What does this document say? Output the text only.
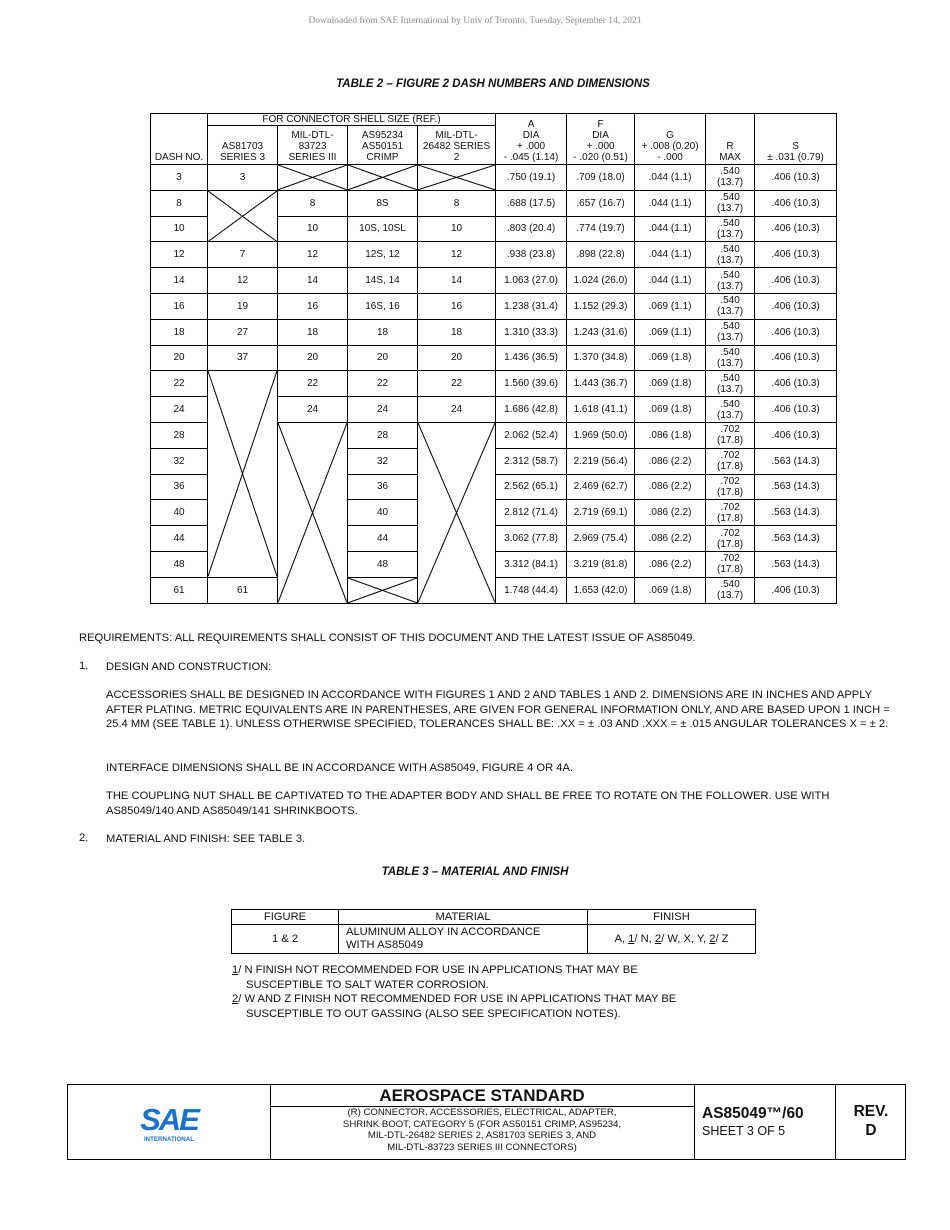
Downloaded from SAE International by Univ of Toronto, Tuesday, September 14, 2021
TABLE 2 – FIGURE 2 DASH NUMBERS AND DIMENSIONS
	FOR CONNECTOR SHELL SIZE (REF.)				A
DIA
+ .000
- .045 (1.14)	F
DIA
+ .000
- .020 (0.51)	G
+ .008 (0.20)
- .000	R
MAX	S
± .031 (0.79)
DASH NO.	AS81703
SERIES 3	MIL-DTL-
83723
SERIES III	AS95234
AS50151
CRIMP	MIL-DTL-
26482 SERIES
2					
3	3				.750 (19.1)	.709 (18.0)	.044 (1.1)	.540
(13.7)	.406 (10.3)
8		8	8S	8	.688 (17.5)	.657 (16.7)	.044 (1.1)	.540
(13.7)	.406 (10.3)
10		10	10S, 10SL	10	.803 (20.4)	.774 (19.7)	.044 (1.1)	.540
(13.7)	.406 (10.3)
12	7	12	12S, 12	12	.938 (23.8)	.898 (22.8)	.044 (1.1)	.540
(13.7)	.406 (10.3)
14	12	14	14S, 14	14	1.063 (27.0)	1.024 (26.0)	.044 (1.1)	.540
(13.7)	.406 (10.3)
16	19	16	16S, 16	16	1.238 (31.4)	1.152 (29.3)	.069 (1.1)	.540
(13.7)	.406 (10.3)
18	27	18	18	18	1.310 (33.3)	1.243 (31.6)	.069 (1.1)	.540
(13.7)	.406 (10.3)
20	37	20	20	20	1.436 (36.5)	1.370 (34.8)	.069 (1.8)	.540
(13.7)	.406 (10.3)
22		22	22	22	1.560 (39.6)	1.443 (36.7)	.069 (1.8)	.540
(13.7)	.406 (10.3)
24		24	24	24	1.686 (42.8)	1.618 (41.1)	.069 (1.8)	.540
(13.7)	.406 (10.3)
28			28		2.062 (52.4)	1.969 (50.0)	.086 (1.8)	.702
(17.8)	.406 (10.3)
32			32		2.312 (58.7)	2.219 (56.4)	.086 (2.2)	.702
(17.8)	.563 (14.3)
36			36		2.562 (65.1)	2.469 (62.7)	.086 (2.2)	.702
(17.8)	.563 (14.3)
40			40		2.812 (71.4)	2.719 (69.1)	.086 (2.2)	.702
(17.8)	.563 (14.3)
44			44		3.062 (77.8)	2.969 (75.4)	.086 (2.2)	.702
(17.8)	.563 (14.3)
48			48		3.312 (84.1)	3.219 (81.8)	.086 (2.2)	.702
(17.8)	.563 (14.3)
61	61				1.748 (44.4)	1.653 (42.0)	.069 (1.8)	.540
(13.7)	.406 (10.3)
REQUIREMENTS: ALL REQUIREMENTS SHALL CONSIST OF THIS DOCUMENT AND THE LATEST ISSUE OF AS85049.
1. DESIGN AND CONSTRUCTION:
ACCESSORIES SHALL BE DESIGNED IN ACCORDANCE WITH FIGURES 1 AND 2 AND TABLES 1 AND 2. DIMENSIONS ARE IN INCHES AND APPLY AFTER PLATING. METRIC EQUIVALENTS ARE IN PARENTHESES, ARE GIVEN FOR GENERAL INFORMATION ONLY, AND ARE BASED UPON 1 INCH = 25.4 MM (SEE TABLE 1). UNLESS OTHERWISE SPECIFIED, TOLERANCES SHALL BE: .XX = ± .03 AND .XXX = ± .015 ANGULAR TOLERANCES X = ± 2.
INTERFACE DIMENSIONS SHALL BE IN ACCORDANCE WITH AS85049, FIGURE 4 OR 4A.
THE COUPLING NUT SHALL BE CAPTIVATED TO THE ADAPTER BODY AND SHALL BE FREE TO ROTATE ON THE FOLLOWER. USE WITH AS85049/140 AND AS85049/141 SHRINKBOOTS.
2. MATERIAL AND FINISH: SEE TABLE 3.
TABLE 3 – MATERIAL AND FINISH
FIGURE	MATERIAL	FINISH
1 & 2	ALUMINUM ALLOY IN ACCORDANCE
WITH AS85049	A, 1/ N, 2/ W, X, Y, 2/ Z
1/ N FINISH NOT RECOMMENDED FOR USE IN APPLICATIONS THAT MAY BE
SUSCEPTIBLE TO SALT WATER CORROSION.
2/ W AND Z FINISH NOT RECOMMENDED FOR USE IN APPLICATIONS THAT MAY BE
SUSCEPTIBLE TO OUT GASSING (ALSO SEE SPECIFICATION NOTES).
SAE
INTERNATIONAL
AEROSPACE STANDARD
(R) CONNECTOR, ACCESSORIES, ELECTRICAL, ADAPTER,
SHRINK BOOT, CATEGORY 5 (FOR AS50151 CRIMP, AS95234,
MIL-DTL-26482 SERIES 2, AS81703 SERIES 3, AND
MIL-DTL-83723 SERIES III CONNECTORS)
AS85049™/60
SHEET 3 OF 5
REV.
D
